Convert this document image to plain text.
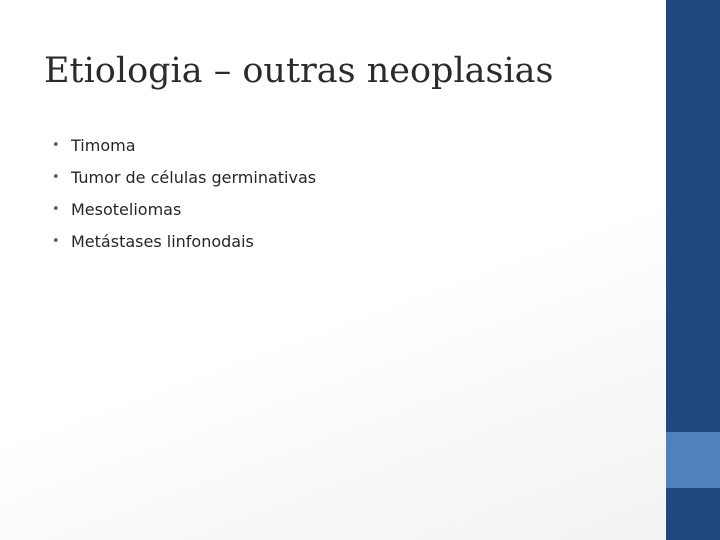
Etiologia – outras neoplasias
• Timoma
• Tumor de células germinativas
• Mesoteliomas
• Metástases linfonodais
